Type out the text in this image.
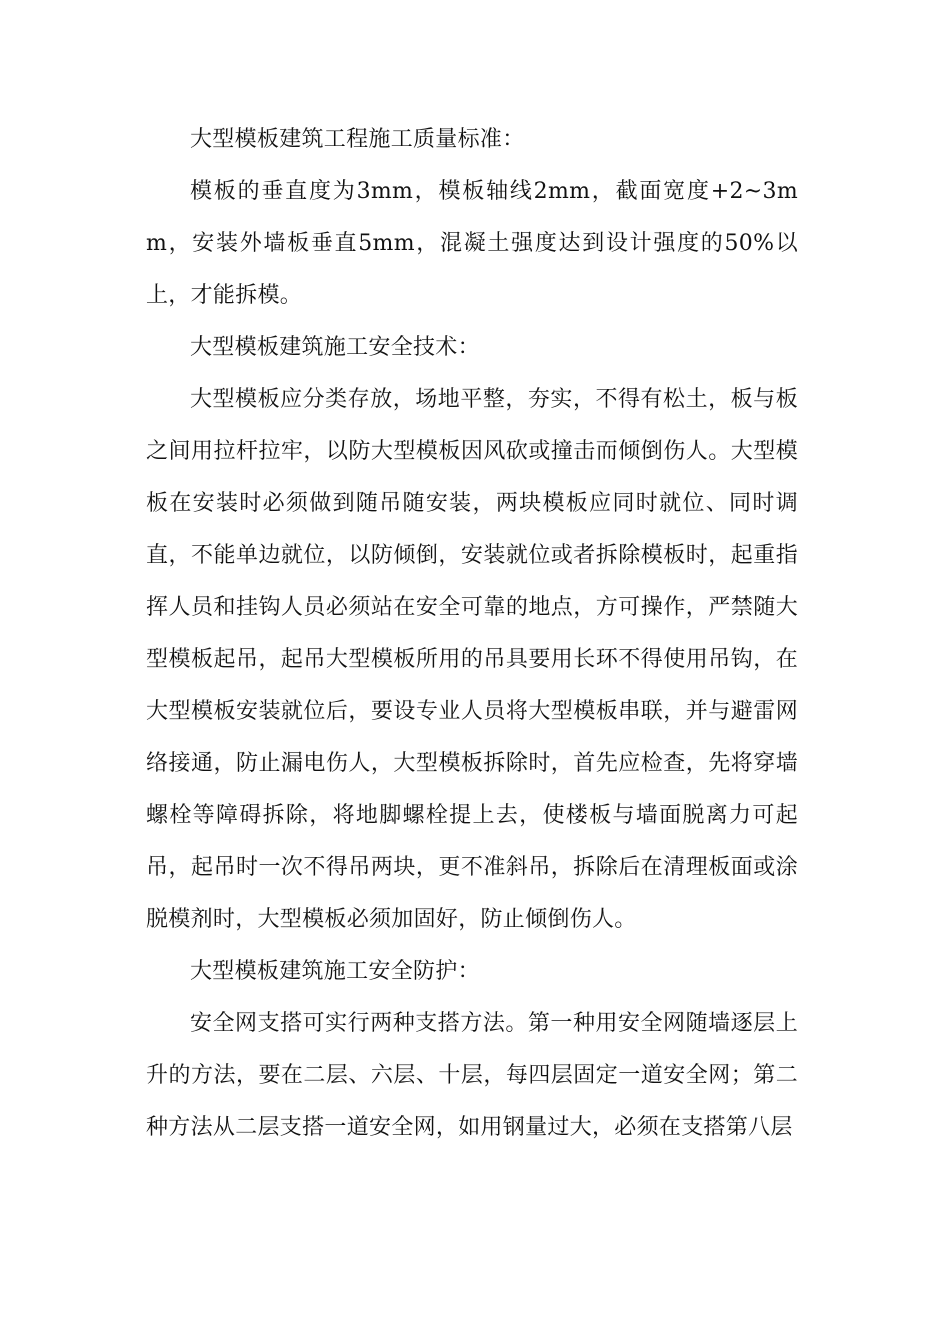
大型模板建筑工程施工质量标准：

模板的垂直度为3mm，模板轴线2mm，截面宽度+2~3mm，安装外墙板垂直5mm，混凝土强度达到设计强度的50%以上，才能拆模。

大型模板建筑施工安全技术：

大型模板应分类存放，场地平整，夯实，不得有松土，板与板之间用拉杆拉牢，以防大型模板因风砍或撞击而倾倒伤人。大型模板在安装时必须做到随吊随安装，两块模板应同时就位、同时调直，不能单边就位，以防倾倒，安装就位或者拆除模板时，起重指挥人员和挂钩人员必须站在安全可靠的地点，方可操作，严禁随大型模板起吊，起吊大型模板所用的吊具要用长环不得使用吊钩，在大型模板安装就位后，要设专业人员将大型模板串联，并与避雷网络接通，防止漏电伤人，大型模板拆除时，首先应检查，先将穿墙螺栓等障碍拆除，将地脚螺栓提上去，使楼板与墙面脱离力可起吊，起吊时一次不得吊两块，更不准斜吊，拆除后在清理板面或涂脱模剂时，大型模板必须加固好，防止倾倒伤人。

大型模板建筑施工安全防护：

安全网支搭可实行两种支搭方法。第一种用安全网随墙逐层上升的方法，要在二层、六层、十层，每四层固定一道安全网；第二种方法从二层支搭一道安全网，如用钢量过大，必须在支搭第八层
